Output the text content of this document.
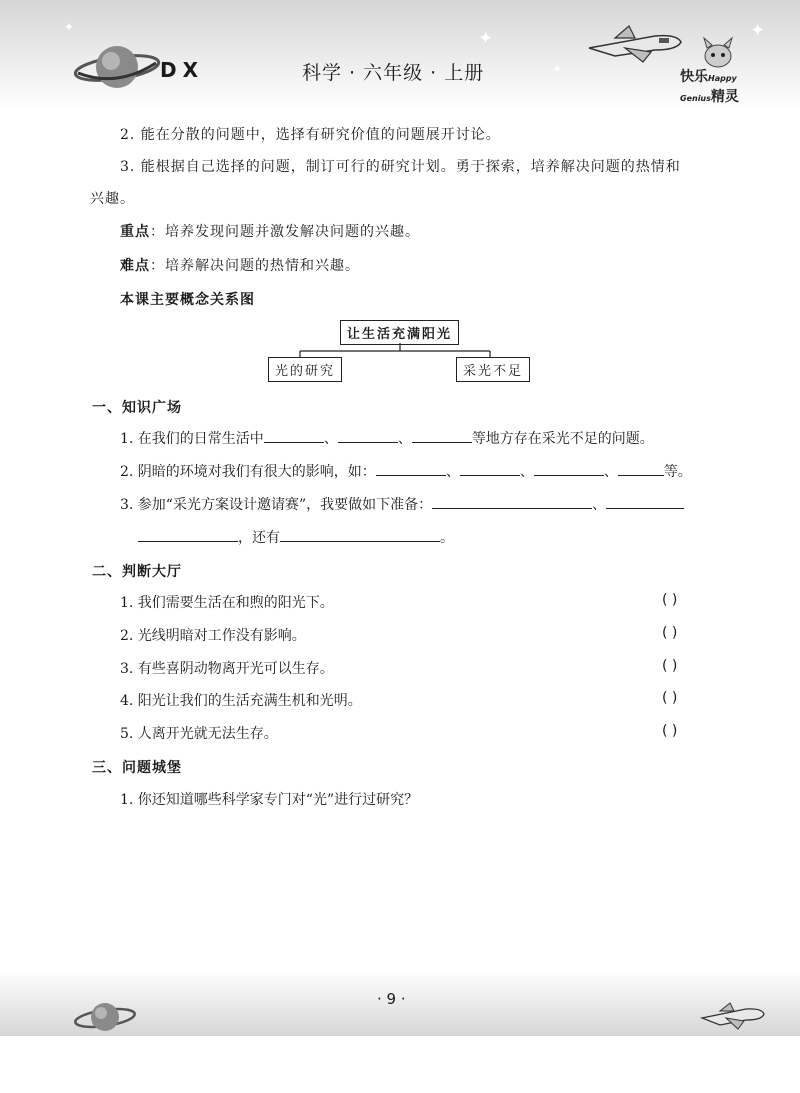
DX	科学 · 六年级 · 上册
✦
✦
✦	✦
快乐Happy
Genius精灵
2. 能在分散的问题中，选择有研究价值的问题展开讨论。
3. 能根据自己选择的问题，制订可行的研究计划。勇于探索，培养解决问题的热情和
兴趣。
重点：培养发现问题并激发解决问题的兴趣。
难点：培养解决问题的热情和兴趣。
本课主要概念关系图
让生活充满阳光
光的研究	采光不足
一、知识广场
1. 在我们的日常生活中	、	、	等地方存在采光不足的问题。
2. 阴暗的环境对我们有很大的影响，如：	、	、	、	等。
3. 参加“采光方案设计邀请赛”，我要做如下准备：	、
，还有	。
二、判断大厅
1. 我们需要生活在和煦的阳光下。	( )
2. 光线明暗对工作没有影响。	( )
3. 有些喜阴动物离开光可以生存。	( )
4. 阳光让我们的生活充满生机和光明。	( )
5. 人离开光就无法生存。	( )
三、问题城堡
1. 你还知道哪些科学家专门对“光”进行过研究？
· 9 ·
